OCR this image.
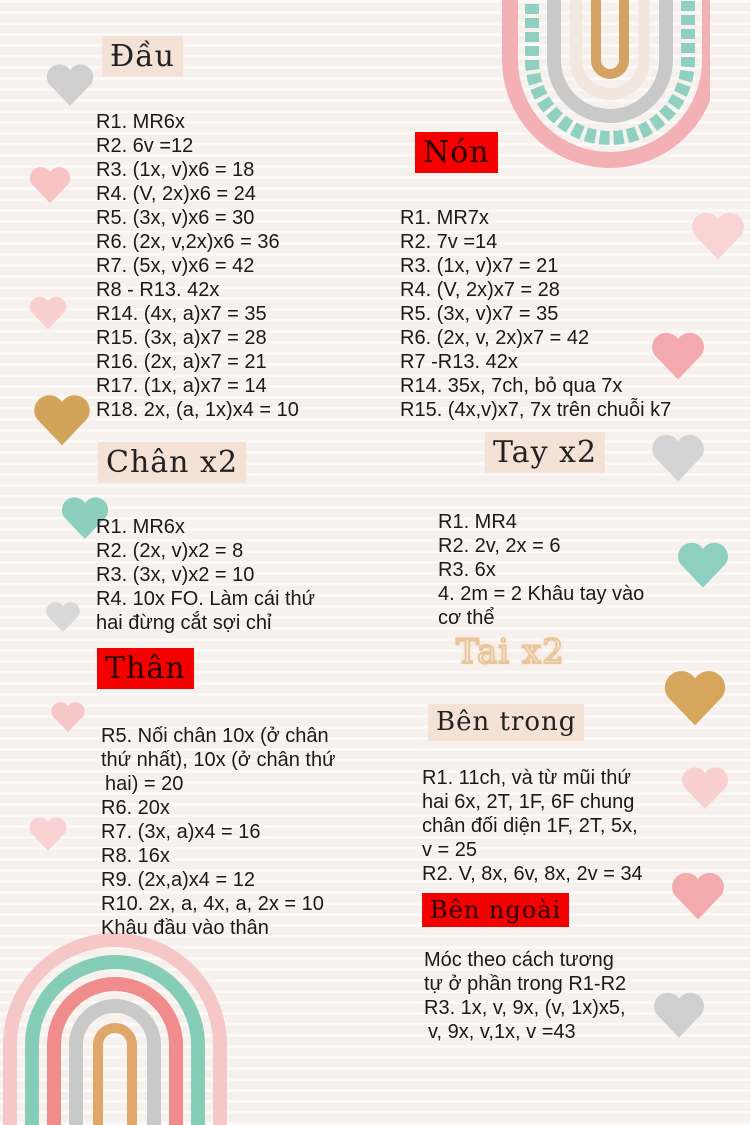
Đầu
R1. MR6x
R2. 6v =12
R3. (1x, v)x6 = 18
R4. (V, 2x)x6 = 24
R5. (3x, v)x6 = 30
R6. (2x, v,2x)x6 = 36
R7. (5x, v)x6 = 42
R8 - R13. 42x
R14. (4x, a)x7 = 35
R15. (3x, a)x7 = 28
R16. (2x, a)x7 = 21
R17. (1x, a)x7 = 14
R18. 2x, (a, 1x)x4 = 10
Nón
R1. MR7x
R2. 7v =14
R3. (1x, v)x7 = 21
R4. (V, 2x)x7 = 28
R5. (3x, v)x7 = 35
R6. (2x, v, 2x)x7 = 42
R7 -R13. 42x
R14. 35x, 7ch, bỏ qua 7x
R15. (4x,v)x7, 7x trên chuỗi k7
Chân x2
R1. MR6x
R2. (2x, v)x2 = 8
R3. (3x, v)x2 = 10
R4. 10x FO. Làm cái thứ
hai đừng cắt sợi chỉ
Tay x2
R1. MR4
R2. 2v, 2x = 6
R3. 6x
4. 2m = 2 Khâu tay vào
cơ thể
Thân
R5. Nối chân 10x (ở chân
thứ nhất), 10x (ở chân thứ
hai) = 20
R6. 20x
R7. (3x, a)x4 = 16
R8. 16x
R9. (2x,a)x4 = 12
R10. 2x, a, 4x, a, 2x = 10
Khâu đầu vào thân
Tai x2
Bên trong
R1. 11ch, và từ mũi thứ
hai 6x, 2T, 1F, 6F chung
chân đối diện 1F, 2T, 5x,
v = 25
R2. V, 8x, 6v, 8x, 2v = 34
Bên ngoài
Móc theo cách tương
tự ở phần trong R1-R2
R3. 1x, v, 9x, (v, 1x)x5,
v, 9x, v,1x, v =43
